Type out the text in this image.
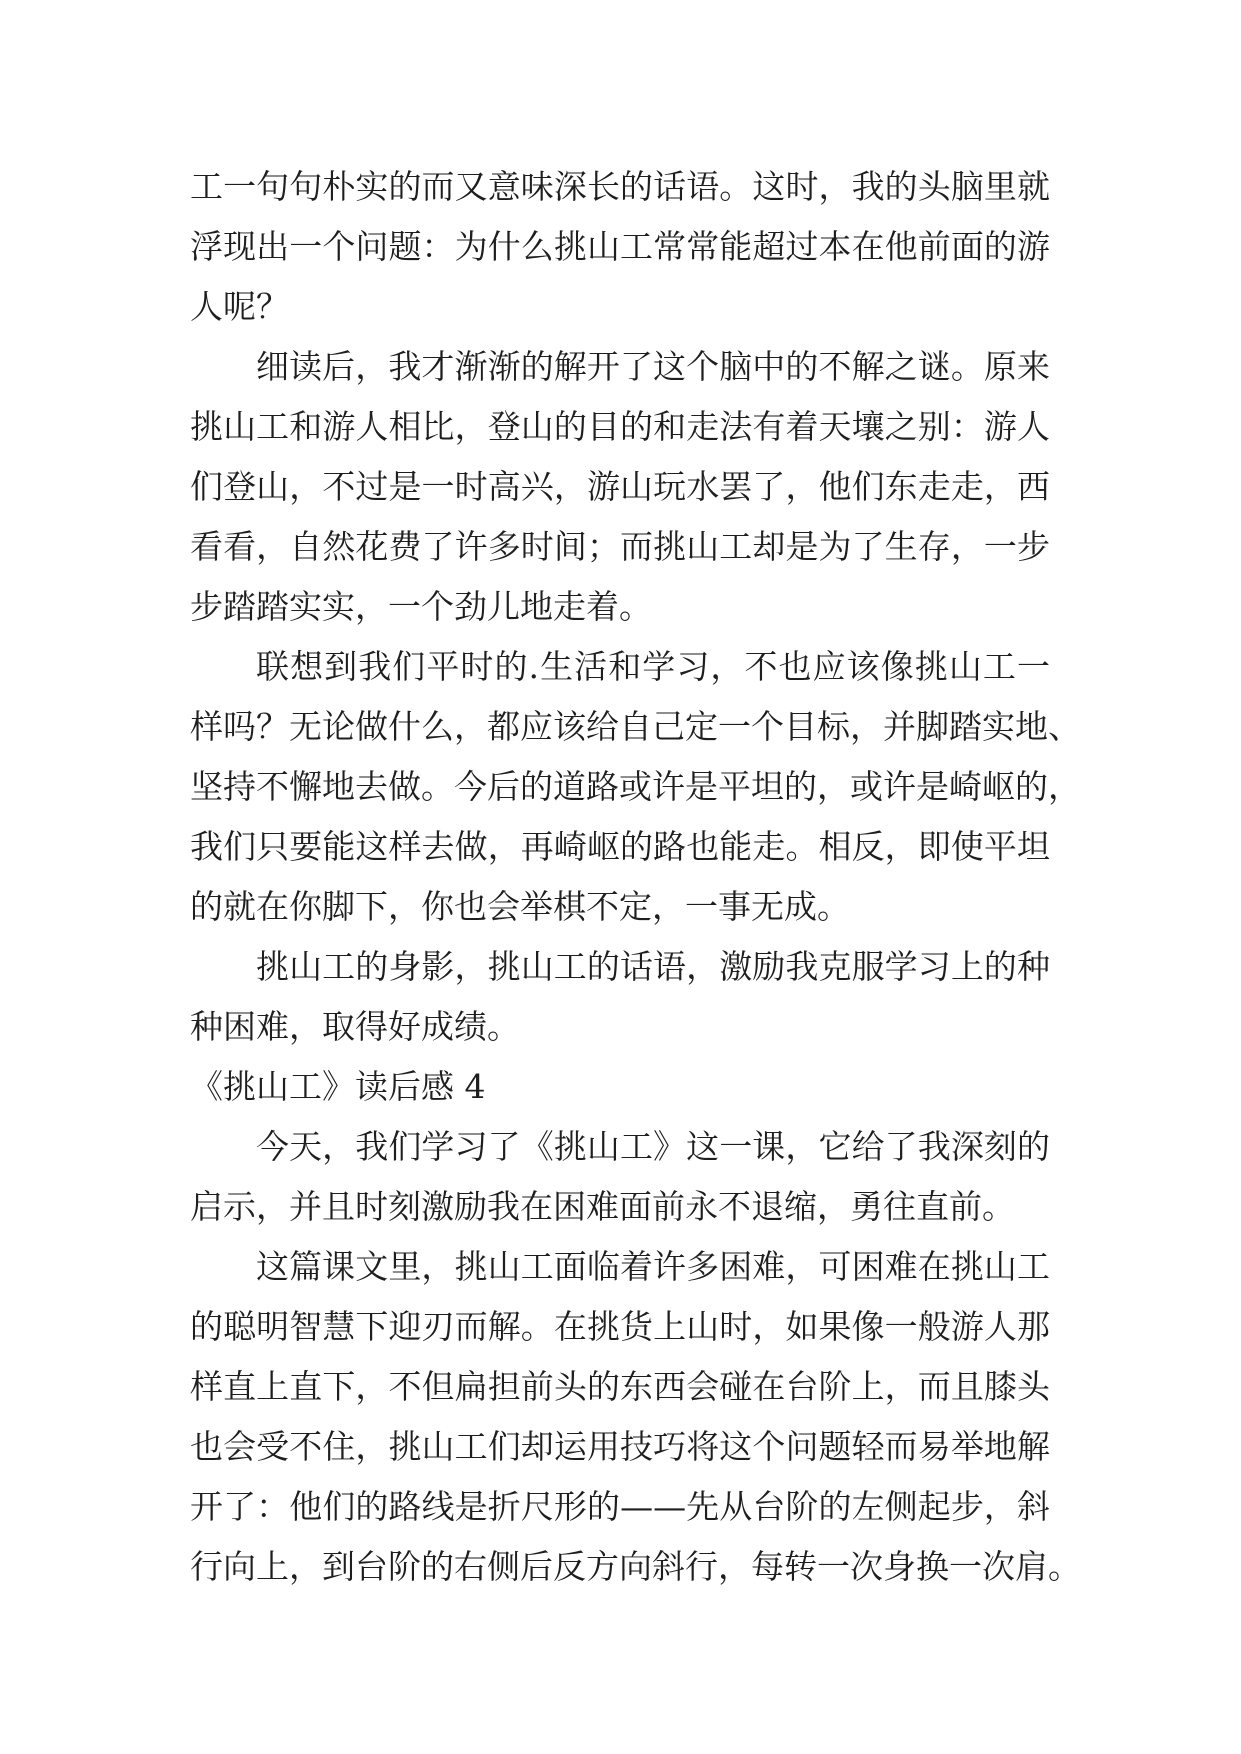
工一句句朴实的而又意味深长的话语。这时，我的头脑里就
浮现出一个问题：为什么挑山工常常能超过本在他前面的游
人呢？
细读后，我才渐渐的解开了这个脑中的不解之谜。原来
挑山工和游人相比，登山的目的和走法有着天壤之别：游人
们登山，不过是一时高兴，游山玩水罢了，他们东走走，西
看看，自然花费了许多时间；而挑山工却是为了生存，一步
步踏踏实实，一个劲儿地走着。
联想到我们平时的.生活和学习，不也应该像挑山工一
样吗？无论做什么，都应该给自己定一个目标，并脚踏实地、
坚持不懈地去做。今后的道路或许是平坦的，或许是崎岖的，
我们只要能这样去做，再崎岖的路也能走。相反，即使平坦
的就在你脚下，你也会举棋不定，一事无成。
挑山工的身影，挑山工的话语，激励我克服学习上的种
种困难，取得好成绩。
《挑山工》读后感 4
今天，我们学习了《挑山工》这一课，它给了我深刻的
启示，并且时刻激励我在困难面前永不退缩，勇往直前。
这篇课文里，挑山工面临着许多困难，可困难在挑山工
的聪明智慧下迎刃而解。在挑货上山时，如果像一般游人那
样直上直下，不但扁担前头的东西会碰在台阶上，而且膝头
也会受不住，挑山工们却运用技巧将这个问题轻而易举地解
开了：他们的路线是折尺形的——先从台阶的左侧起步，斜
行向上，到台阶的右侧后反方向斜行，每转一次身换一次肩。
